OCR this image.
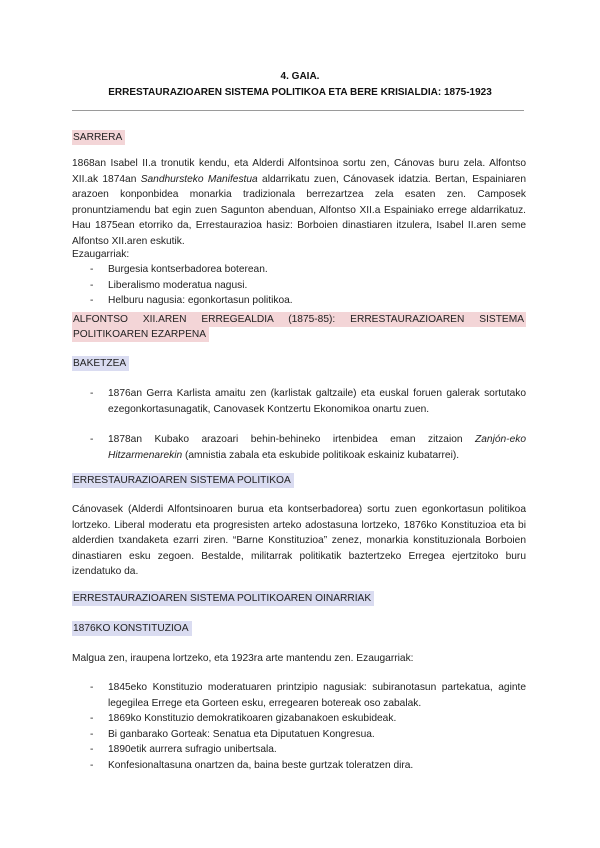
4. GAIA.
ERRESTAURAZIOAREN SISTEMA POLITIKOA ETA BERE KRISIALDIA: 1875-1923
SARRERA
1868an Isabel II.a tronutik kendu, eta Alderdi Alfontsinoa sortu zen, Cánovas buru zela. Alfontso XII.ak 1874an Sandhursteko Manifestua aldarrikatu zuen, Cánovasek idatzia. Bertan, Espainiaren arazoen konponbidea monarkia tradizionala berrezartzea zela esaten zen. Camposek pronuntziamendu bat egin zuen Sagunton abenduan, Alfontso XII.a Espainiako errege aldarrikatuz. Hau 1875ean etorriko da, Errestaurazioa hasiz: Borboien dinastiaren itzulera, Isabel II.aren seme Alfontso XII.aren eskutik.
Ezaugarriak:
- Burgesia kontserbadorea boterean.
- Liberalismo moderatua nagusi.
- Helburu nagusia: egonkortasun politikoa.
ALFONTSO XII.AREN ERREGEALDIA (1875-85): ERRESTAURAZIOAREN SISTEMA
POLITIKOAREN EZARPENA
BAKETZEA
- 1876an Gerra Karlista amaitu zen (karlistak galtzaile) eta euskal foruen galerak sortutako ezegonkortasunagatik, Canovasek Kontzertu Ekonomikoa onartu zuen.
- 1878an Kubako arazoari behin-behineko irtenbidea eman zitzaion Zanjón-eko Hitzarmenarekin (amnistia zabala eta eskubide politikoak eskainiz kubatarrei).
ERRESTAURAZIOAREN SISTEMA POLITIKOA
Cánovasek (Alderdi Alfontsinoaren burua eta kontserbadorea) sortu zuen egonkortasun politikoa lortzeko. Liberal moderatu eta progresisten arteko adostasuna lortzeko, 1876ko Konstituzioa eta bi alderdien txandaketa ezarri ziren. “Barne Konstituzioa” zenez, monarkia konstituzionala Borboien dinastiaren esku zegoen. Bestalde, militarrak politikatik baztertzeko Erregea ejertzitoko buru izendatuko da.
ERRESTAURAZIOAREN SISTEMA POLITIKOAREN OINARRIAK
1876KO KONSTITUZIOA
Malgua zen, iraupena lortzeko, eta 1923ra arte mantendu zen. Ezaugarriak:
- 1845eko Konstituzio moderatuaren printzipio nagusiak: subiranotasun partekatua, aginte legegilea Errege eta Gorteen esku, erregearen botereak oso zabalak.
- 1869ko Konstituzio demokratikoaren gizabanakoen eskubideak.
- Bi ganbarako Gorteak: Senatua eta Diputatuen Kongresua.
- 1890etik aurrera sufragio unibertsala.
- Konfesionaltasuna onartzen da, baina beste gurtzak toleratzen dira.
